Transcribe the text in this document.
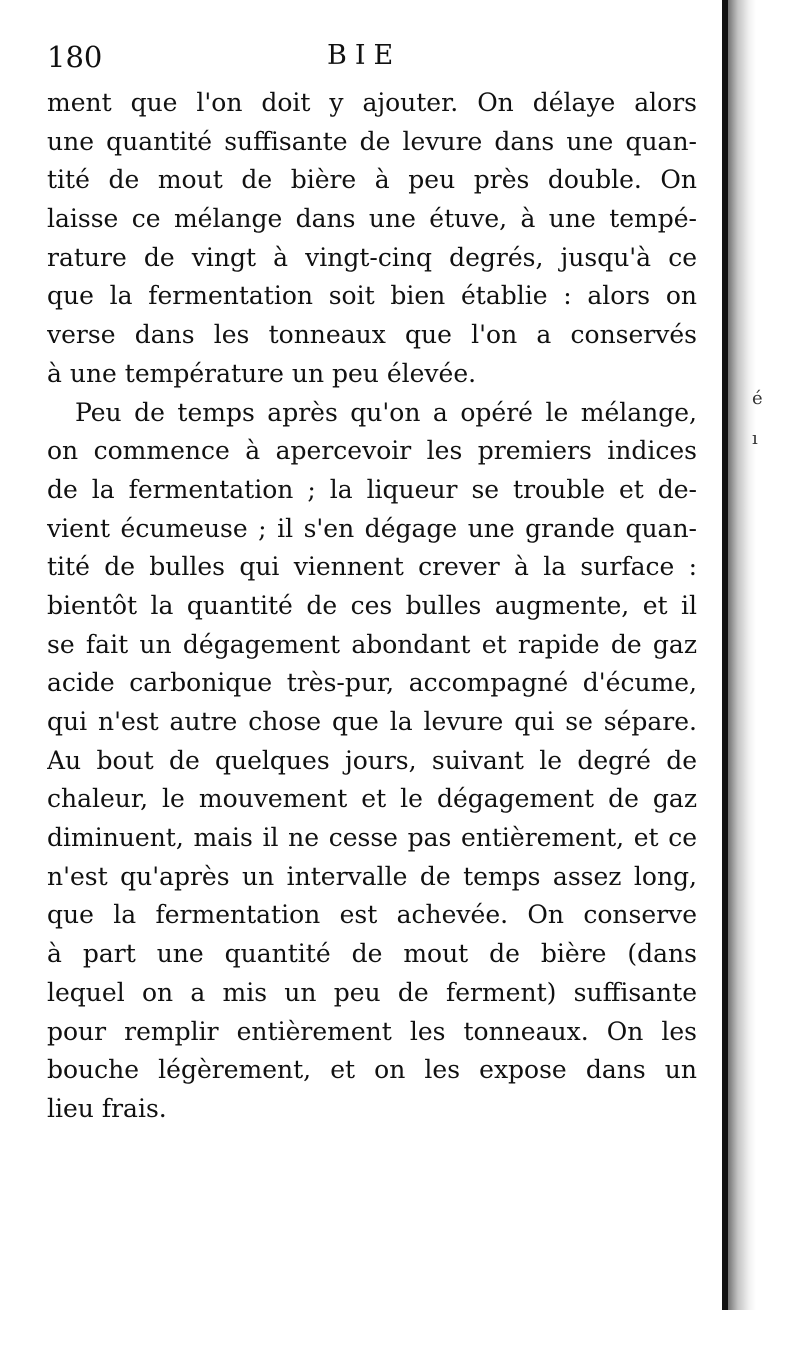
é
ı
180	BIE
ment que l'on doit y ajouter. On délaye alors
une quantité suffisante de levure dans une quan-
tité de mout de bière à peu près double. On
laisse ce mélange dans une étuve, à une tempé-
rature de vingt à vingt-cinq degrés, jusqu'à ce
que la fermentation soit bien établie : alors on
verse dans les tonneaux que l'on a conservés
à une température un peu élevée.
Peu de temps après qu'on a opéré le mélange,
on commence à apercevoir les premiers indices
de la fermentation ; la liqueur se trouble et de-
vient écumeuse ; il s'en dégage une grande quan-
tité de bulles qui viennent crever à la surface :
bientôt la quantité de ces bulles augmente, et il
se fait un dégagement abondant et rapide de gaz
acide carbonique très-pur, accompagné d'écume,
qui n'est autre chose que la levure qui se sépare.
Au bout de quelques jours, suivant le degré de
chaleur, le mouvement et le dégagement de gaz
diminuent, mais il ne cesse pas entièrement, et ce
n'est qu'après un intervalle de temps assez long,
que la fermentation est achevée. On conserve
à part une quantité de mout de bière (dans
lequel on a mis un peu de ferment) suffisante
pour remplir entièrement les tonneaux. On les
bouche légèrement, et on les expose dans un
lieu frais.
